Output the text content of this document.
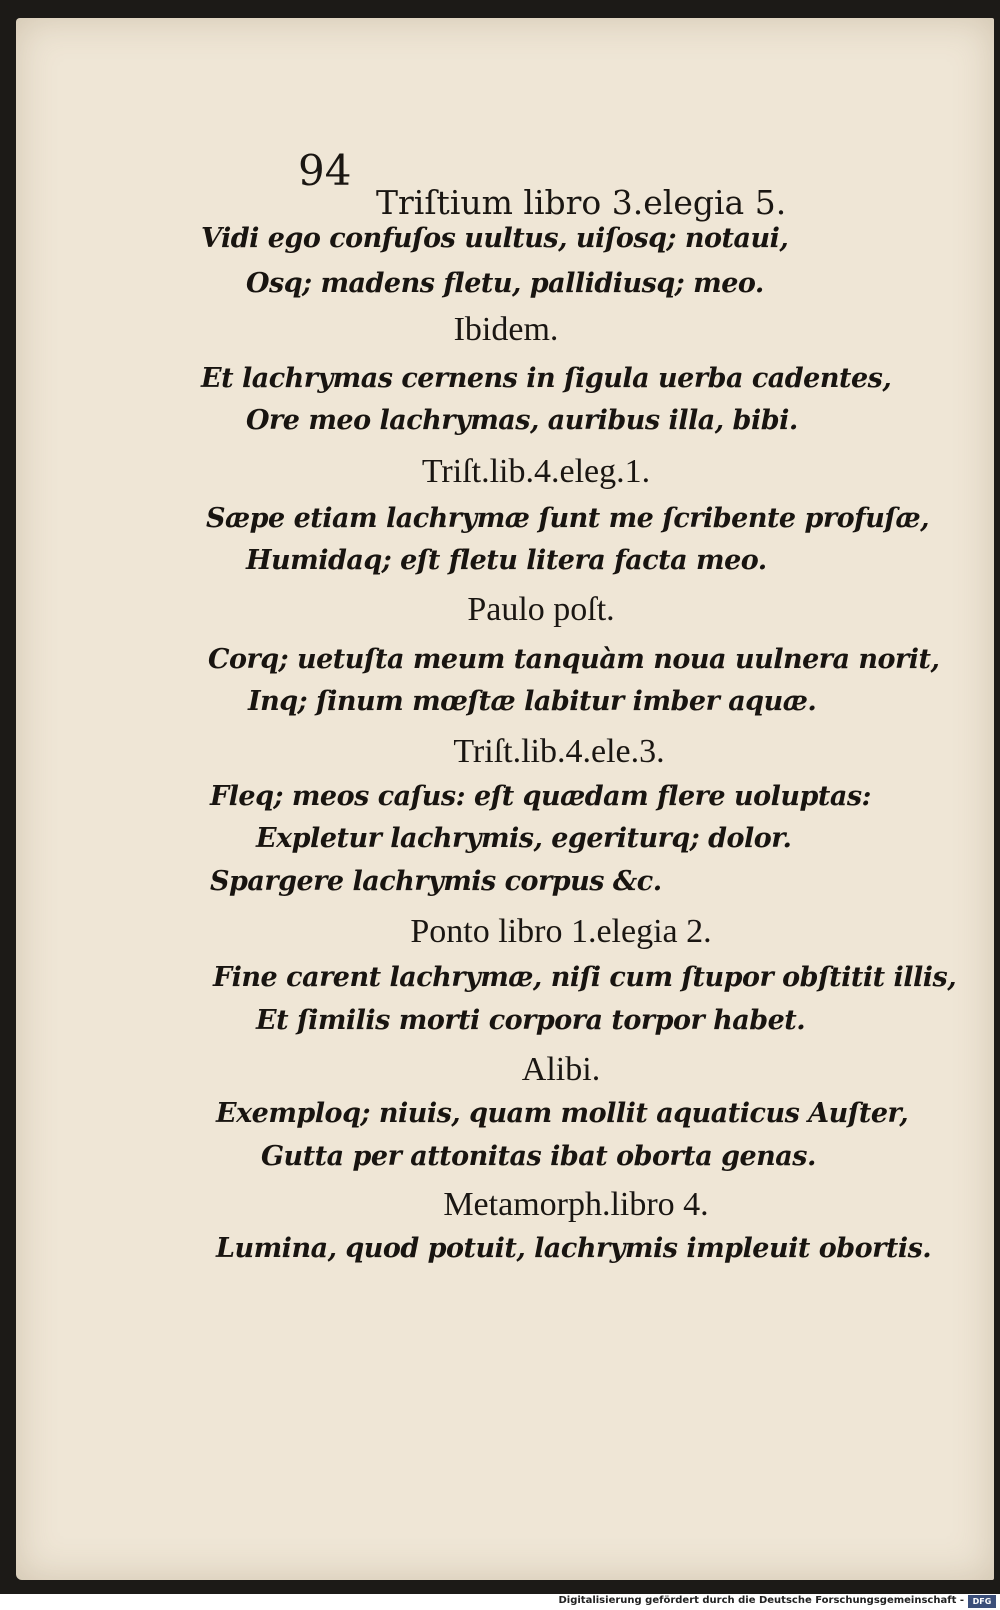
94

Triſtium libro 3.elegia 5.

Vidi ego confuſos uultus, uiſosq; notaui,

Osq; madens fletu, pallidiusq; meo.

Ibidem.

Et lachrymas cernens in ſigula uerba cadentes,

Ore meo lachrymas, auribus illa, bibi.

Triſt.lib.4.eleg.1.

Sæpe etiam lachrymæ ſunt me ſcribente profuſæ,

Humidaq; eſt fletu litera facta meo.

Paulo poſt.

Corq; uetuſta meum tanquàm noua uulnera norit,

Inq; ſinum mœſtæ labitur imber aquæ.

Triſt.lib.4.ele.3.

Fleq; meos caſus: eſt quædam flere uoluptas:

Expletur lachrymis, egeriturq; dolor.

Spargere lachrymis corpus &c.

Ponto libro 1.elegia 2.

Fine carent lachrymæ, niſi cum ſtupor obſtitit illis,

Et ſimilis morti corpora torpor habet.

Alibi.

Exemploq; niuis, quam mollit aquaticus Auſter,

Gutta per attonitas ibat oborta genas.

Metamorph.libro 4.

Lumina, quod potuit, lachrymis impleuit obortis.

Digitalisierung gefördert durch die Deutsche Forschungsgemeinschaft -	DFG
